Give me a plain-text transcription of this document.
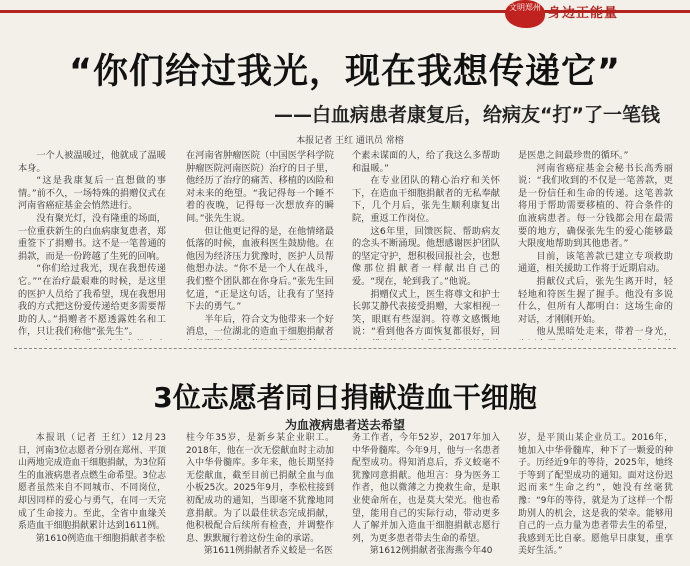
文明郑州 身边正能量
“你们给过我光，现在我想传递它”
——白血病患者康复后，给病友“打”了一笔钱
本报记者 王红 通讯员 常榕

一个人被温暖过，他就成了温暖本身。

“这是我康复后一直想做的事情。”前不久，一场特殊的捐赠仪式在河南省癌症基金会悄然进行。

没有聚光灯，没有隆重的场面，一位重获新生的白血病康复患者，郑重签下了捐赠书。这不是一笔普通的捐款，而是一份跨越了生死的回响。

“你们给过我光，现在我想传递它。”“在治疗最艰难的时候，是这里的医护人员给了我希望，现在我想用我的方式把这份爱传递给更多需要帮助的人。”捐赠者不愿透露姓名和工作，只让我们称他“张先生”。

在河南省肿瘤医院（中国医学科学院肿瘤医院河南医院）治疗的日子里，他经历了治疗的痛苦、移植的凶险和对未来的绝望。“我记得每一个睡不着的夜晚，记得每一次想放弃的瞬间。”张先生说。

但让他更记得的是，在他情绪最低落的时候，血液科医生鼓励他。在他因为经济压力犹豫时，医护人员帮他想办法。“你不是一个人在战斗，我们整个团队都在你身后。”张先生回忆道，“正是这句话，让我有了坚持下去的勇气。”

半年后，符合文为他带来一个好消息，一位湖北的造血干细胞捐献者

个素未谋面的人，给了我这么多帮助和温暖。”

在专业团队的精心治疗和关怀下，在造血干细胞捐献者的无私奉献下，几个月后，张先生顺利康复出院，重返工作岗位。

这6年里，回馈医院、帮助病友的念头不断涌现。他想感谢医护团队的坚定守护，想积极回报社会，也想像那位捐献者一样献出自己的爱。“现在，轮到我了。”他说。

捐赠仪式上，医生将尊文和护士长郭艾静代表接受捐赠，大家相视一笑，眼眶有些湿润。符尊文感慨地说：“看到他各方面恢复都很好，回

是医患之间最珍贵的循环。”

河南省癌症基金会秘书长高秀丽说：“我们收到的不仅是一笔善款，更是一份信任和生命的传递。这笔善款将用于帮助需要移植的、符合条件的血液病患者。每一分钱都会用在最需要的地方，确保张先生的爱心能够最大限度地帮助到其他患者。”

目前，该笔善款已建立专项救助通道，相关援助工作将于近期启动。

捐献仪式后，张先生离开时，轻轻地和符医生握了握手。他没有多说什么，但所有人都明白：这场生命的对话，才刚刚开始。

他从黑暗处走来，带着一身光，

3位志愿者同日捐献造血干细胞
为血液病患者送去希望

本报讯（记者 王红）12月23日，河南3位志愿者分别在郑州、平顶山两地完成造血干细胞捐献，为3位陌生的血液病患者点燃生命希望。3位志愿者虽然来自不同城市、不同岗位，却因同样的爱心与勇气，在同一天完成了生命接力。至此，全省中血缘关系造血干细胞捐献累计达到1611例。

第1610例造血干细胞捐献者李松

柱今年35岁，是新乡某企业职工。2018年，他在一次无偿献血时主动加入中华骨髓库。多年来，他长期坚持无偿献血，截至目前已捐献全血与血小板25次。2025年9月，李松柱接到初配成功的通知，当即毫不犹豫地同意捐献。为了以最佳状态完成捐献，他积极配合后续所有检查，并调整作息、默默履行着这份生命的承诺。

第1611例捐献者乔义蛟是一名医

务工作者，今年52岁，2017年加入中华骨髓库。今年9月，他与一名患者配型成功。得知消息后，乔义蛟毫不犹豫同意捐献。他坦言：身为医务工作者，他以微薄之力挽救生命，是职业使命所在，也是莫大荣光。他也希望，能用自己的实际行动，带动更多人了解并加入造血干细胞捐献志愿行列，为更多患者带去生命的希望。

第1612例捐献者张海燕今年40

岁，是平顶山某企业员工。2016年，她加入中华骨髓库，种下了一颗爱的种子。历经近9年的等待，2025年，她终于等到了配型成功的通知。面对这份迟迟而来“生命之约”，她没有丝毫犹豫：“9年的等待，就是为了这样一个帮助别人的机会，这是我的荣幸。能够用自己的一点力量为患者带去生的希望，我感到无比自豪。愿他早日康复，重享美好生活。”
